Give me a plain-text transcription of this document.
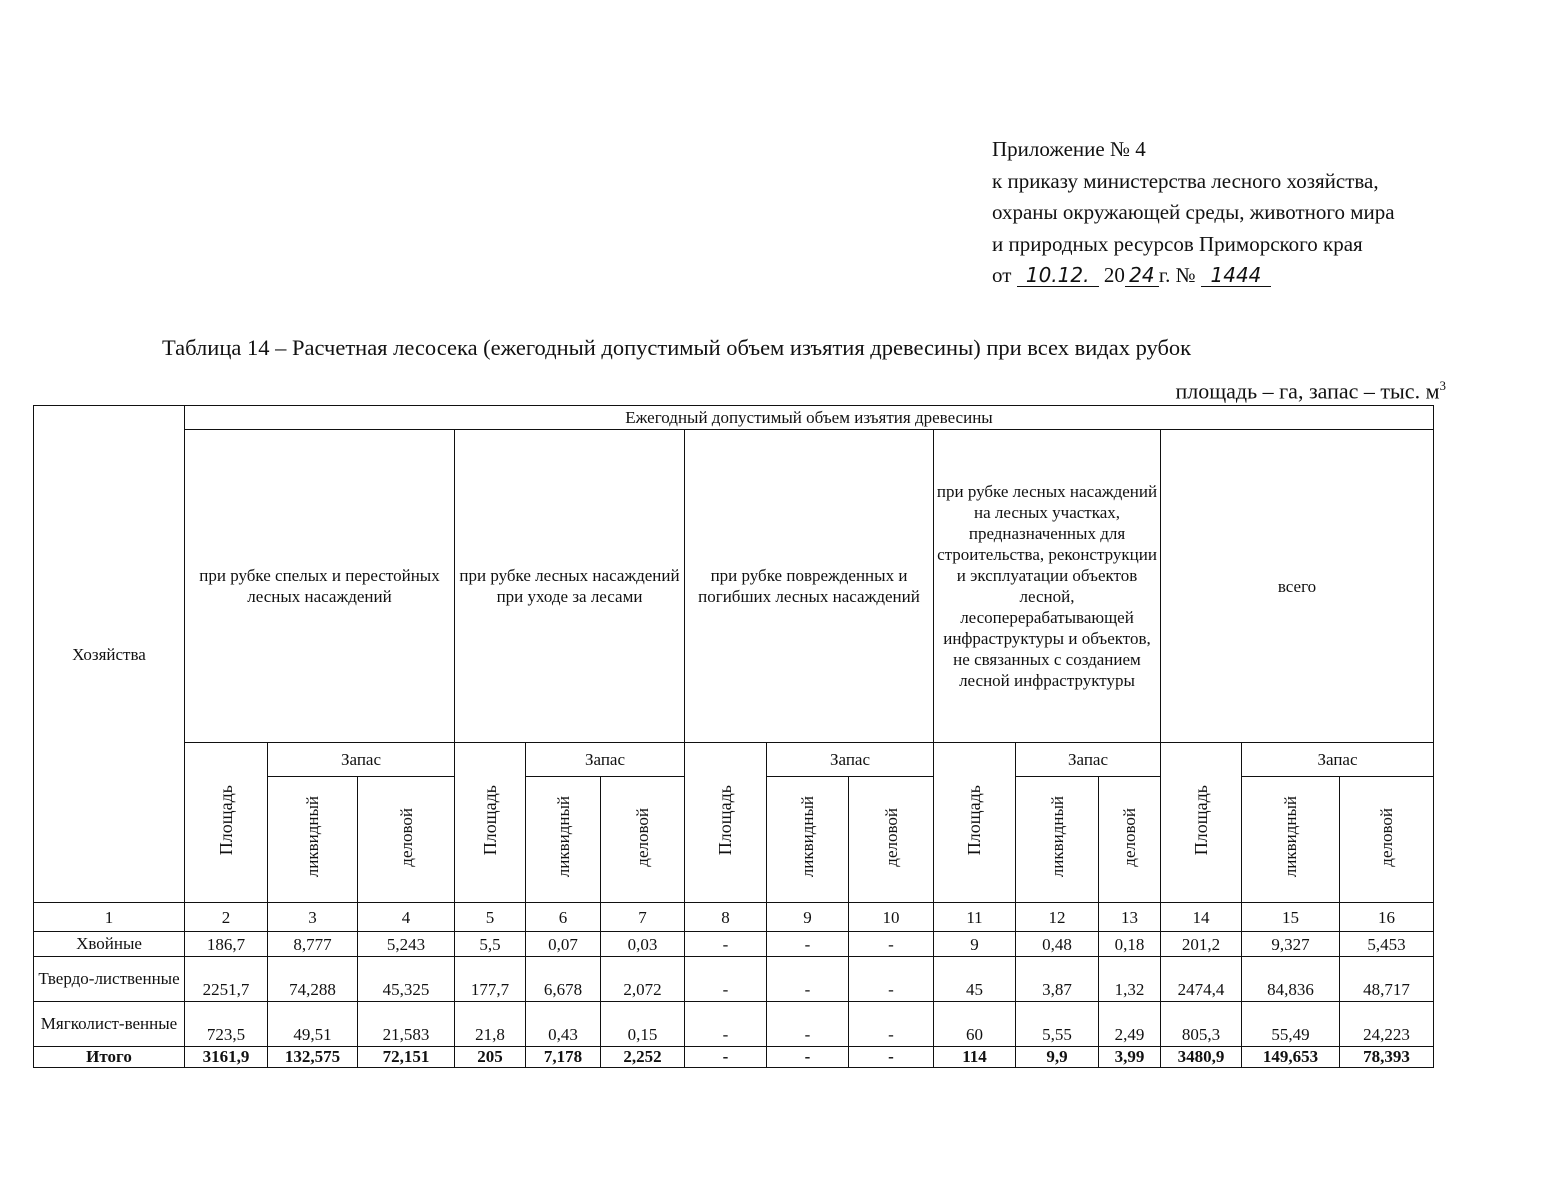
Приложение № 4
к приказу министерства лесного хозяйства,
охраны окружающей среды, животного мира
и природных ресурсов Приморского края
от 10.12. 20 24 г. № 1444
Таблица 14 – Расчетная лесосека (ежегодный допустимый объем изъятия древесины) при всех видах рубок
площадь – га, запас – тыс. $м^3$
Хозяйства	Ежегодный допустимый объем изъятия древесины														
	при рубке спелых и перестойных лесных насаждений			при рубке лесных насаждений при уходе за лесами			при рубке поврежденных и погибших лесных насаждений			при рубке лесных насаждений на лесных участках, предназначенных для строительства, реконструкции и эксплуатации объектов лесной, лесоперерабатывающей инфраструктуры и объектов, не связанных с созданием лесной инфраструктуры			всего		
	Площадь	Запас		Площадь	Запас		Площадь	Запас		Площадь	Запас		Площадь	Запас	
		ликвидный	деловой		ликвидный	деловой		ликвидный	деловой		ликвидный	деловой		ликвидный	деловой
1	2	3	4	5	6	7	8	9	10	11	12	13	14	15	16
Хвойные	186,7	8,777	5,243	5,5	0,07	0,03	-	-	-	9	0,48	0,18	201,2	9,327	5,453
Твердо-лиственные	2251,7	74,288	45,325	177,7	6,678	2,072	-	-	-	45	3,87	1,32	2474,4	84,836	48,717
Мягколист-венные	723,5	49,51	21,583	21,8	0,43	0,15	-	-	-	60	5,55	2,49	805,3	55,49	24,223
Итого	3161,9	132,575	72,151	205	7,178	2,252	-	-	-	114	9,9	3,99	3480,9	149,653	78,393
